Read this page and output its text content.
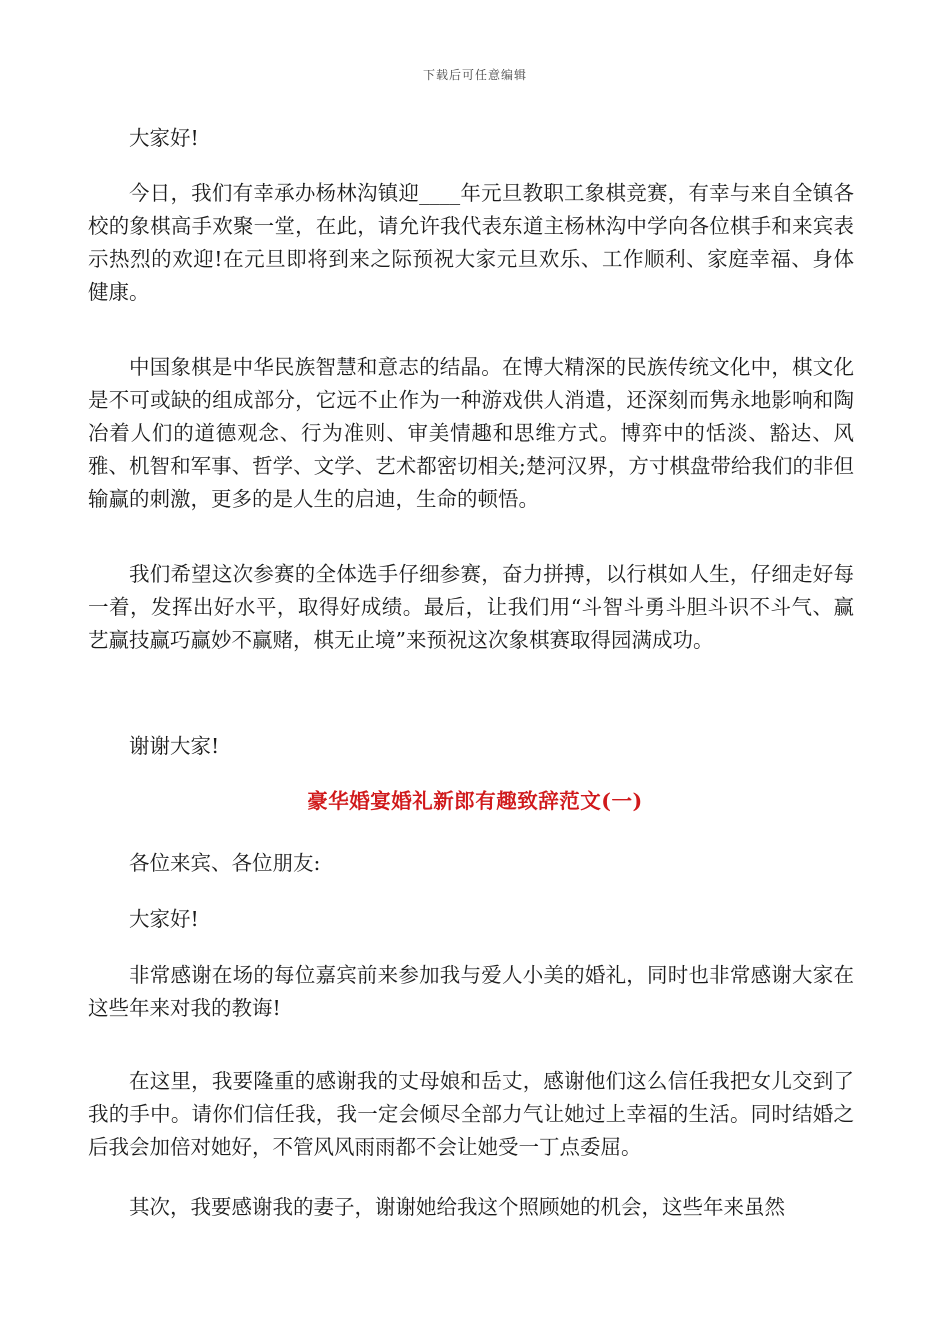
下载后可任意编辑

大家好!

今日，我们有幸承办杨林沟镇迎____年元旦教职工象棋竞赛，有幸与来自全镇各校的象棋高手欢聚一堂，在此，请允许我代表东道主杨林沟中学向各位棋手和来宾表示热烈的欢迎!在元旦即将到来之际预祝大家元旦欢乐、工作顺利、家庭幸福、身体健康。

中国象棋是中华民族智慧和意志的结晶。在博大精深的民族传统文化中，棋文化是不可或缺的组成部分，它远不止作为一种游戏供人消遣，还深刻而隽永地影响和陶冶着人们的道德观念、行为准则、审美情趣和思维方式。博弈中的恬淡、豁达、风雅、机智和军事、哲学、文学、艺术都密切相关;楚河汉界，方寸棋盘带给我们的非但输赢的刺激，更多的是人生的启迪，生命的顿悟。

我们希望这次参赛的全体选手仔细参赛，奋力拼搏，以行棋如人生，仔细走好每一着，发挥出好水平，取得好成绩。最后，让我们用“斗智斗勇斗胆斗识不斗气、赢艺赢技赢巧赢妙不赢赌，棋无止境”来预祝这次象棋赛取得园满成功。

谢谢大家!

豪华婚宴婚礼新郎有趣致辞范文(一)

各位来宾、各位朋友:

大家好!

非常感谢在场的每位嘉宾前来参加我与爱人小美的婚礼，同时也非常感谢大家在这些年来对我的教诲!

在这里，我要隆重的感谢我的丈母娘和岳丈，感谢他们这么信任我把女儿交到了我的手中。请你们信任我，我一定会倾尽全部力气让她过上幸福的生活。同时结婚之后我会加倍对她好，不管风风雨雨都不会让她受一丁点委屈。

其次，我要感谢我的妻子，谢谢她给我这个照顾她的机会，这些年来虽然
